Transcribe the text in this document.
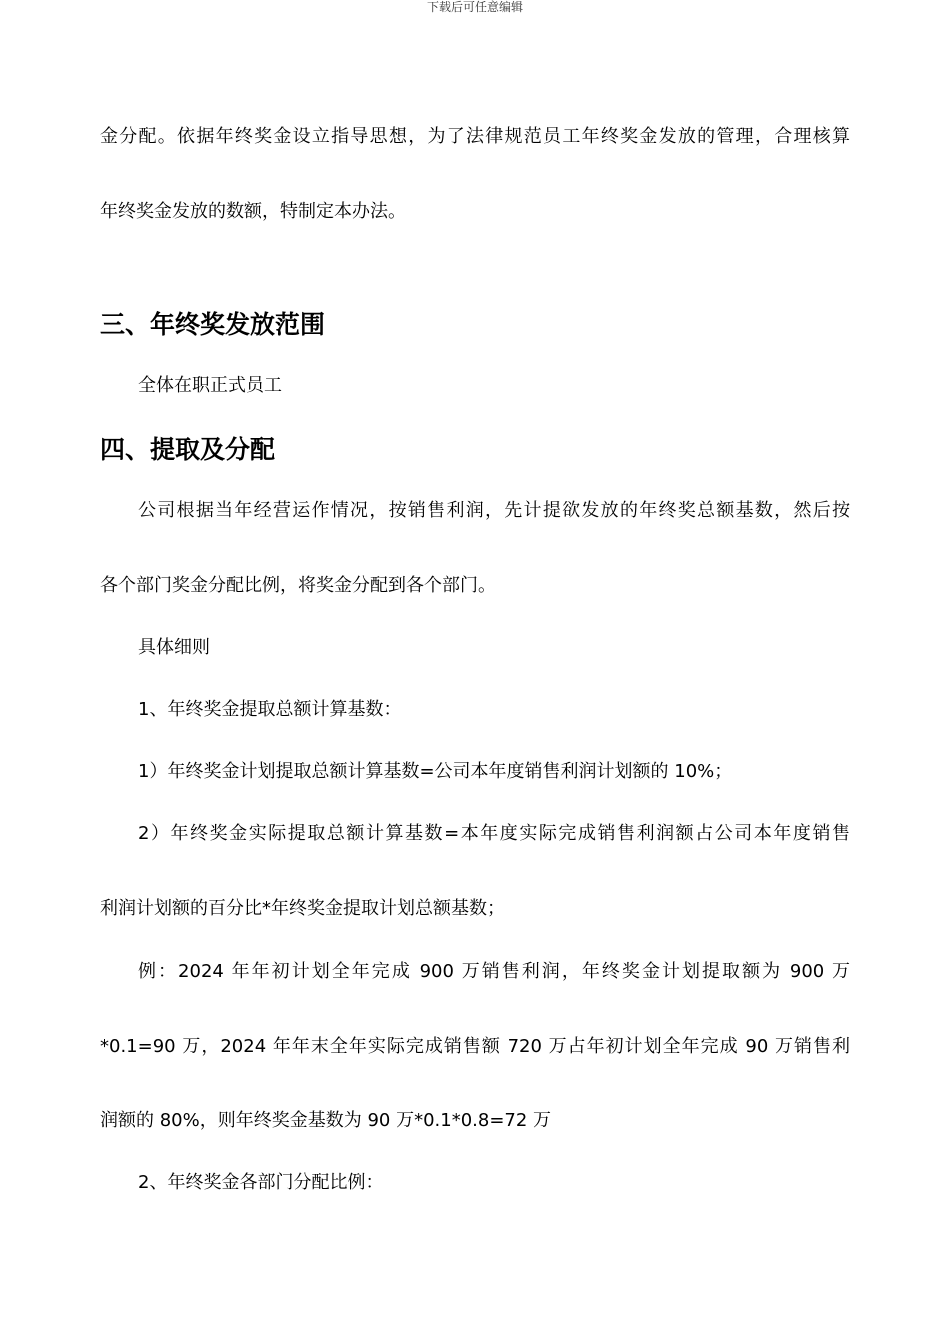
下载后可任意编辑
金分配。依据年终奖金设立指导思想，为了法律规范员工年终奖金发放的管理，合理核算
年终奖金发放的数额，特制定本办法。
三、年终奖发放范围
全体在职正式员工
四、提取及分配
公司根据当年经营运作情况，按销售利润，先计提欲发放的年终奖总额基数，然后按
各个部门奖金分配比例，将奖金分配到各个部门。
具体细则
1、年终奖金提取总额计算基数：
1）年终奖金计划提取总额计算基数=公司本年度销售利润计划额的 10%；
2）年终奖金实际提取总额计算基数=本年度实际完成销售利润额占公司本年度销售
利润计划额的百分比*年终奖金提取计划总额基数；
例：2024 年年初计划全年完成 900 万销售利润，年终奖金计划提取额为 900 万
*0.1=90 万，2024 年年末全年实际完成销售额 720 万占年初计划全年完成 90 万销售利
润额的 80%，则年终奖金基数为 90 万*0.1*0.8=72 万
2、年终奖金各部门分配比例：
